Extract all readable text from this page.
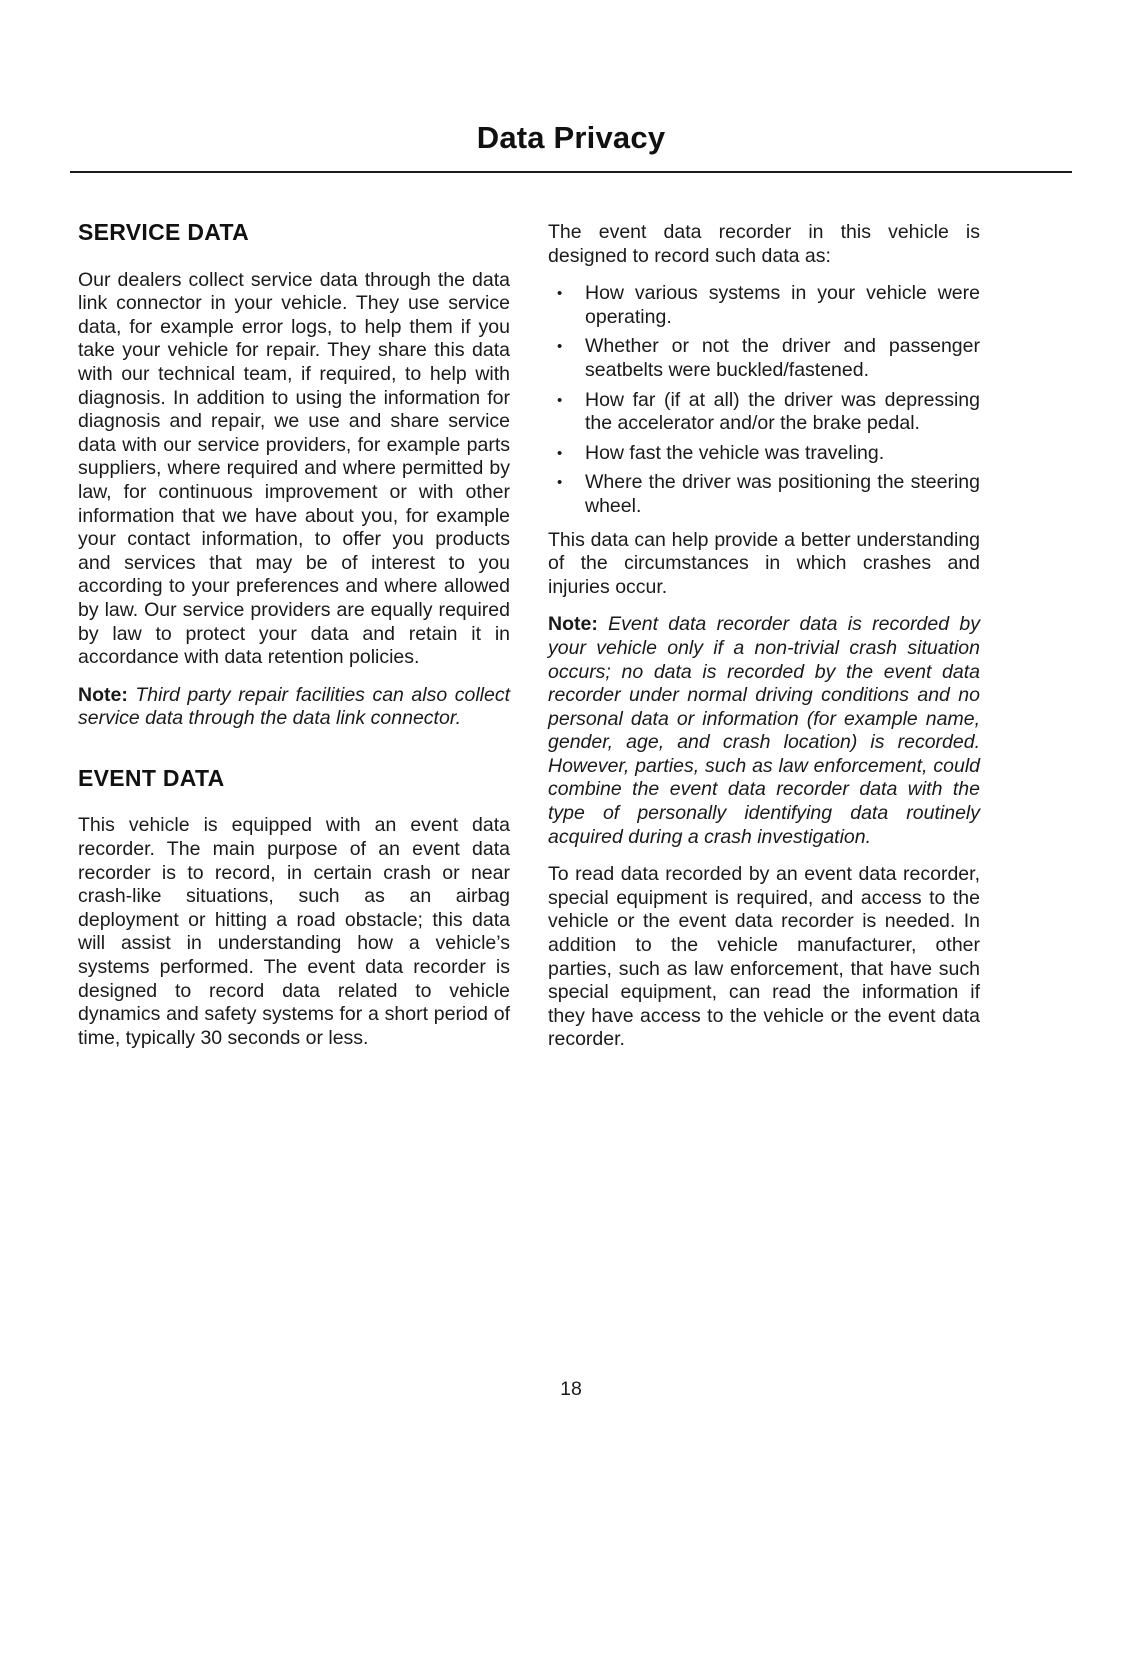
Data Privacy
SERVICE DATA

Our dealers collect service data through the data link connector in your vehicle. They use service data, for example error logs, to help them if you take your vehicle for repair. They share this data with our technical team, if required, to help with diagnosis. In addition to using the information for diagnosis and repair, we use and share service data with our service providers, for example parts suppliers, where required and where permitted by law, for continuous improvement or with other information that we have about you, for example your contact information, to offer you products and services that may be of interest to you according to your preferences and where allowed by law. Our service providers are equally required by law to protect your data and retain it in accordance with data retention policies.

Note: Third party repair facilities can also collect service data through the data link connector.

EVENT DATA

This vehicle is equipped with an event data recorder. The main purpose of an event data recorder is to record, in certain crash or near crash-like situations, such as an airbag deployment or hitting a road obstacle; this data will assist in understanding how a vehicle’s systems performed. The event data recorder is designed to record data related to vehicle dynamics and safety systems for a short period of time, typically 30 seconds or less.

The event data recorder in this vehicle is designed to record such data as:

•	How various systems in your vehicle were operating.
•	Whether or not the driver and passenger seatbelts were buckled/fastened.
•	How far (if at all) the driver was depressing the accelerator and/or the brake pedal.
•	How fast the vehicle was traveling.
•	Where the driver was positioning the steering wheel.

This data can help provide a better understanding of the circumstances in which crashes and injuries occur.

Note: Event data recorder data is recorded by your vehicle only if a non-trivial crash situation occurs; no data is recorded by the event data recorder under normal driving conditions and no personal data or information (for example name, gender, age, and crash location) is recorded. However, parties, such as law enforcement, could combine the event data recorder data with the type of personally identifying data routinely acquired during a crash investigation.

To read data recorded by an event data recorder, special equipment is required, and access to the vehicle or the event data recorder is needed. In addition to the vehicle manufacturer, other parties, such as law enforcement, that have such special equipment, can read the information if they have access to the vehicle or the event data recorder.

18
